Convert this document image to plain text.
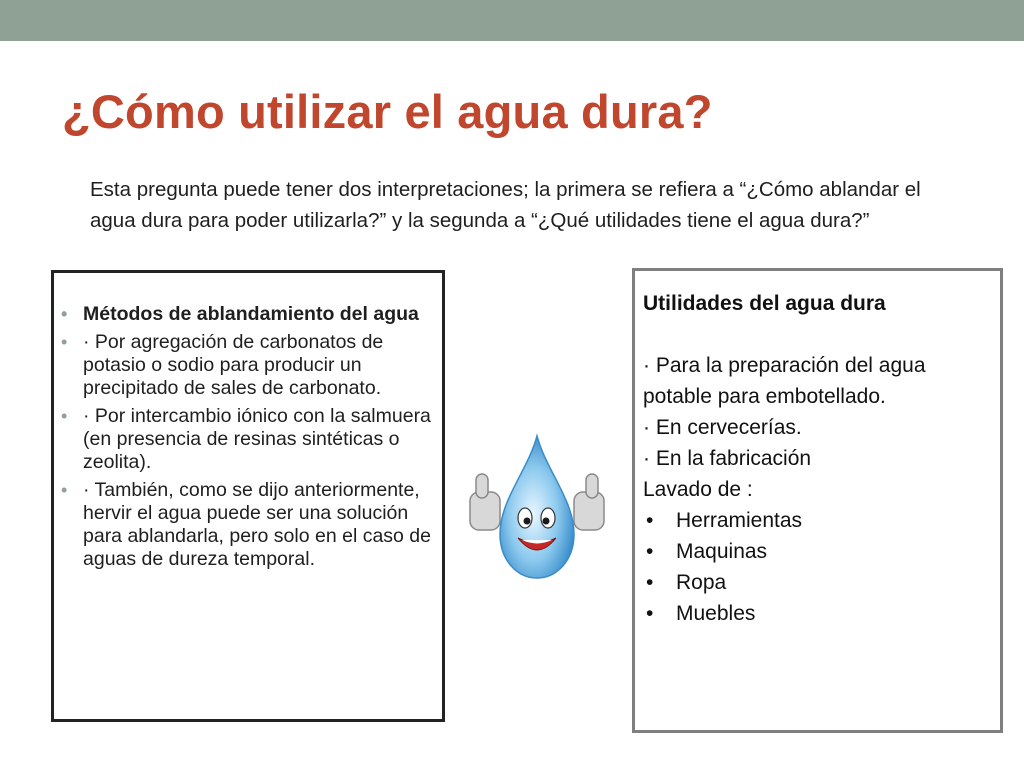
¿Cómo utilizar el agua dura?
Esta pregunta puede tener dos interpretaciones; la primera se refiera a “¿Cómo ablandar el agua dura para poder utilizarla?” y la segunda a “¿Qué utilidades tiene el agua dura?”
• Métodos de ablandamiento del agua
• · Por agregación de carbonatos de potasio o sodio para producir un precipitado de sales de carbonato.
• · Por intercambio iónico con la salmuera (en presencia de resinas sintéticas o zeolita).
• · También, como se dijo anteriormente, hervir el agua puede ser una solución para ablandarla, pero solo en el caso de aguas de dureza temporal.
Utilidades del agua dura
· Para la preparación del agua potable para embotellado.
· En cervecerías.
· En la fabricación
Lavado de :
• Herramientas
• Maquinas
• Ropa
• Muebles
